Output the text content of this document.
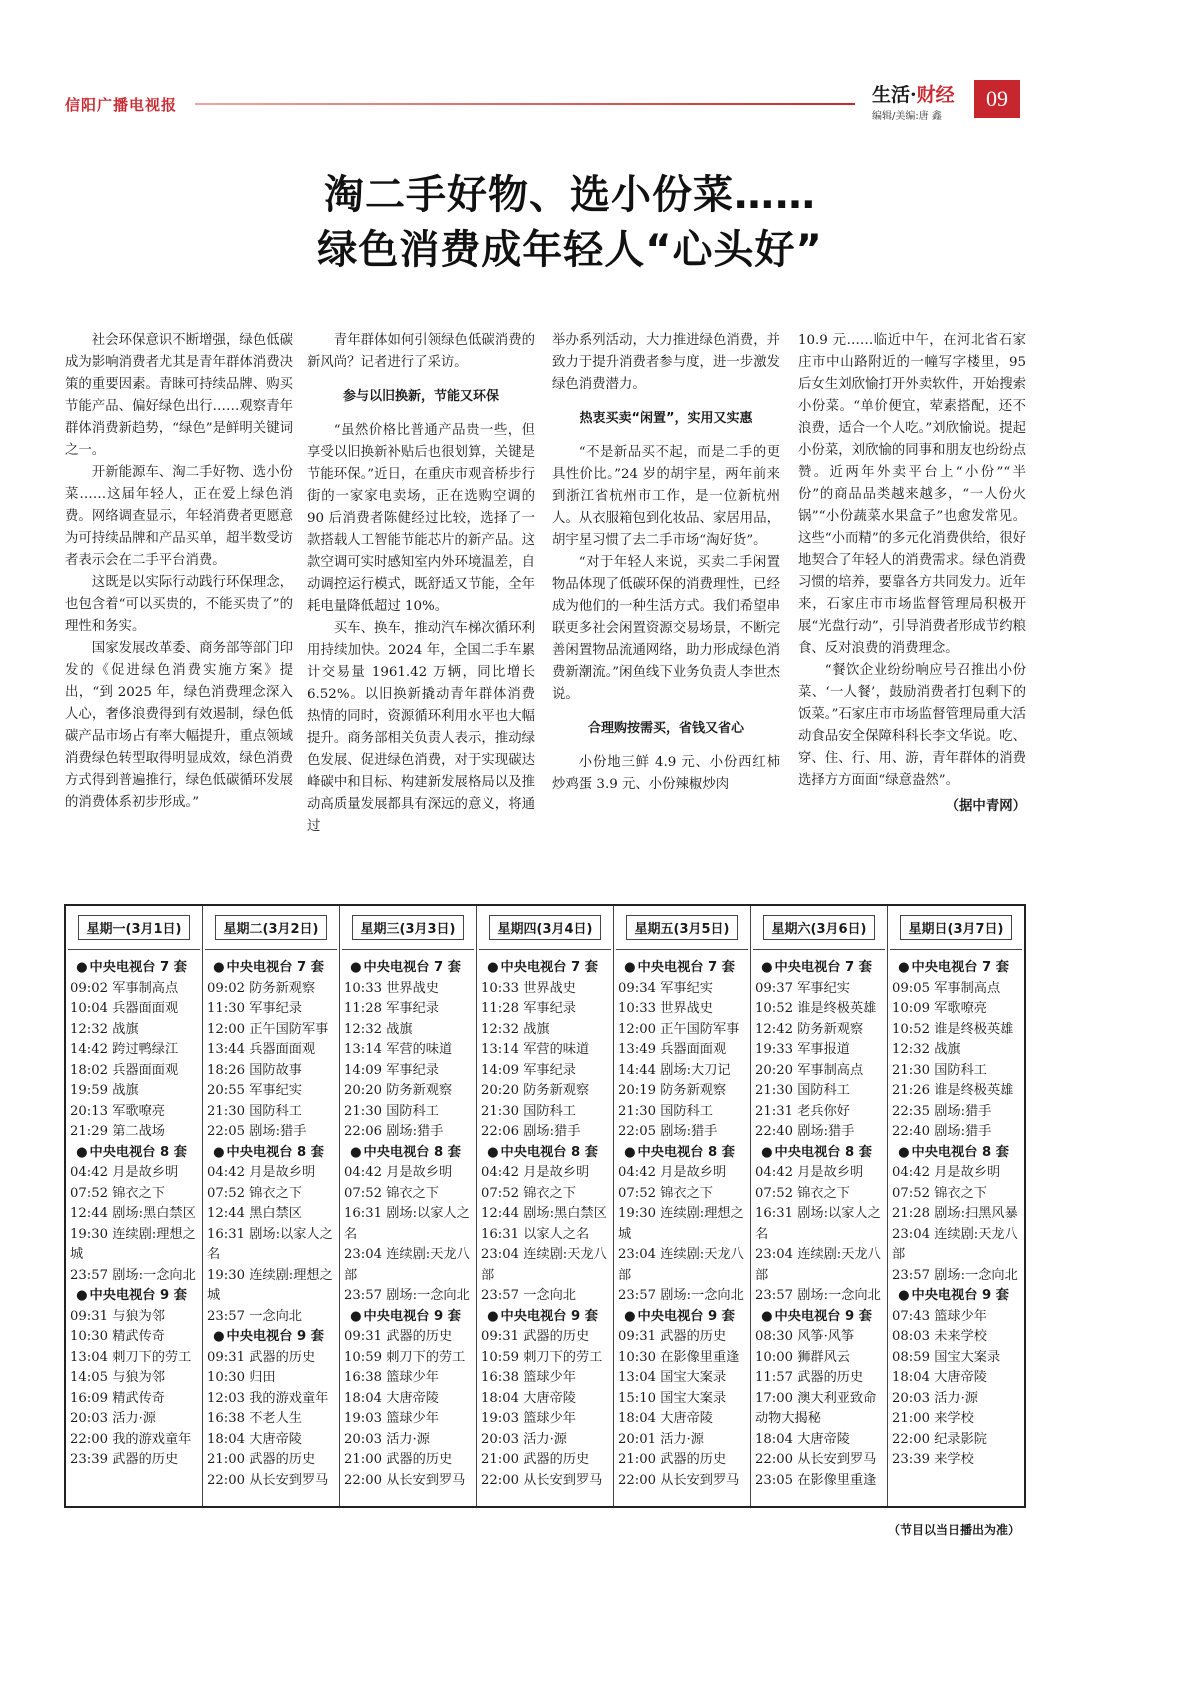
信阳广播电视报	生活·财经
编辑/美编:唐 鑫
09
淘二手好物、选小份菜……
绿色消费成年轻人“心头好”

社会环保意识不断增强，绿色低碳成为影响消费者尤其是青年群体消费决策的重要因素。青睐可持续品牌、购买节能产品、偏好绿色出行……观察青年群体消费新趋势，“绿色”是鲜明关键词之一。

开新能源车、淘二手好物、选小份菜……这届年轻人，正在爱上绿色消费。网络调查显示，年轻消费者更愿意为可持续品牌和产品买单，超半数受访者表示会在二手平台消费。

这既是以实际行动践行环保理念，也包含着“可以买贵的，不能买贵了”的理性和务实。

国家发展改革委、商务部等部门印发的《促进绿色消费实施方案》提出，“到 2025 年，绿色消费理念深入人心，奢侈浪费得到有效遏制，绿色低碳产品市场占有率大幅提升，重点领域消费绿色转型取得明显成效，绿色消费方式得到普遍推行，绿色低碳循环发展的消费体系初步形成。”

青年群体如何引领绿色低碳消费的新风尚？记者进行了采访。

参与以旧换新，节能又环保

“虽然价格比普通产品贵一些，但享受以旧换新补贴后也很划算，关键是节能环保。”近日，在重庆市观音桥步行街的一家家电卖场，正在选购空调的 90 后消费者陈健经过比较，选择了一款搭载人工智能节能芯片的新产品。这款空调可实时感知室内外环境温差，自动调控运行模式，既舒适又节能，全年耗电量降低超过 10%。

买车、换车，推动汽车梯次循环利用持续加快。2024 年，全国二手车累计交易量 1961.42 万辆，同比增长 6.52%。以旧换新撬动青年群体消费热情的同时，资源循环利用水平也大幅提升。商务部相关负责人表示，推动绿色发展、促进绿色消费，对于实现碳达峰碳中和目标、构建新发展格局以及推动高质量发展都具有深远的意义，将通过

举办系列活动，大力推进绿色消费，并致力于提升消费者参与度，进一步激发绿色消费潜力。

热衷买卖“闲置”，实用又实惠

“不是新品买不起，而是二手的更具性价比。”24 岁的胡宇星，两年前来到浙江省杭州市工作，是一位新杭州人。从衣服箱包到化妆品、家居用品，胡宇星习惯了去二手市场“淘好货”。

“对于年轻人来说，买卖二手闲置物品体现了低碳环保的消费理性，已经成为他们的一种生活方式。我们希望串联更多社会闲置资源交易场景，不断完善闲置物品流通网络，助力形成绿色消费新潮流。”闲鱼线下业务负责人李世杰说。

合理购按需买，省钱又省心

小份地三鲜 4.9 元、小份西红柿炒鸡蛋 3.9 元、小份辣椒炒肉

10.9 元……临近中午，在河北省石家庄市中山路附近的一幢写字楼里，95 后女生刘欣愉打开外卖软件，开始搜索小份菜。“单价便宜，荤素搭配，还不浪费，适合一个人吃。”刘欣愉说。提起小份菜，刘欣愉的同事和朋友也纷纷点赞。近两年外卖平台上“小份”“半份”的商品品类越来越多，“一人份火锅”“小份蔬菜水果盒子”也愈发常见。这些“小而精”的多元化消费供给，很好地契合了年轻人的消费需求。绿色消费习惯的培养，要靠各方共同发力。近年来，石家庄市市场监督管理局积极开展“光盘行动”，引导消费者形成节约粮食、反对浪费的消费理念。

“餐饮企业纷纷响应号召推出小份菜、‘一人餐’，鼓励消费者打包剩下的饭菜。”石家庄市市场监督管理局重大活动食品安全保障科科长李文华说。吃、穿、住、行、用、游，青年群体的消费选择方方面面“绿意盎然”。

（据中青网）

星期一(3月1日)
● 中央电视台 7 套
09:02 军事制高点
10:04 兵器面面观
12:32 战旗
14:42 跨过鸭绿江
18:02 兵器面面观
19:59 战旗
20:13 军歌嘹亮
21:29 第二战场
● 中央电视台 8 套
04:42 月是故乡明
07:52 锦衣之下
12:44 剧场:黑白禁区
19:30 连续剧:理想之城
23:57 剧场:一念向北
● 中央电视台 9 套
09:31 与狼为邻
10:30 精武传奇
13:04 刺刀下的劳工
14:05 与狼为邻
16:09 精武传奇
20:03 活力·源
22:00 我的游戏童年
23:39 武器的历史
星期二(3月2日)
● 中央电视台 7 套
09:02 防务新观察
11:30 军事纪录
12:00 正午国防军事
13:44 兵器面面观
18:26 国防故事
20:55 军事纪实
21:30 国防科工
22:05 剧场:猎手
● 中央电视台 8 套
04:42 月是故乡明
07:52 锦衣之下
12:44 黑白禁区
16:31 剧场:以家人之名
19:30 连续剧:理想之城
23:57 一念向北
● 中央电视台 9 套
09:31 武器的历史
10:30 归田
12:03 我的游戏童年
16:38 不老人生
18:04 大唐帝陵
21:00 武器的历史
22:00 从长安到罗马
星期三(3月3日)
● 中央电视台 7 套
10:33 世界战史
11:28 军事纪录
12:32 战旗
13:14 军营的味道
14:09 军事纪录
20:20 防务新观察
21:30 国防科工
22:06 剧场:猎手
● 中央电视台 8 套
04:42 月是故乡明
07:52 锦衣之下
16:31 剧场:以家人之名
23:04 连续剧:天龙八部
23:57 剧场:一念向北
● 中央电视台 9 套
09:31 武器的历史
10:59 刺刀下的劳工
16:38 篮球少年
18:04 大唐帝陵
19:03 篮球少年
20:03 活力·源
21:00 武器的历史
22:00 从长安到罗马
星期四(3月4日)
● 中央电视台 7 套
10:33 世界战史
11:28 军事纪录
12:32 战旗
13:14 军营的味道
14:09 军事纪录
20:20 防务新观察
21:30 国防科工
22:06 剧场:猎手
● 中央电视台 8 套
04:42 月是故乡明
07:52 锦衣之下
12:44 剧场:黑白禁区
16:31 以家人之名
23:04 连续剧:天龙八部
23:57 一念向北
● 中央电视台 9 套
09:31 武器的历史
10:59 刺刀下的劳工
16:38 篮球少年
18:04 大唐帝陵
19:03 篮球少年
20:03 活力·源
21:00 武器的历史
22:00 从长安到罗马
星期五(3月5日)
● 中央电视台 7 套
09:34 军事纪实
10:33 世界战史
12:00 正午国防军事
13:49 兵器面面观
14:44 剧场:大刀记
20:19 防务新观察
21:30 国防科工
22:05 剧场:猎手
● 中央电视台 8 套
04:42 月是故乡明
07:52 锦衣之下
19:30 连续剧:理想之城
23:04 连续剧:天龙八部
23:57 剧场:一念向北
● 中央电视台 9 套
09:31 武器的历史
10:30 在影像里重逢
13:04 国宝大案录
15:10 国宝大案录
18:04 大唐帝陵
20:01 活力·源
21:00 武器的历史
22:00 从长安到罗马
星期六(3月6日)
● 中央电视台 7 套
09:37 军事纪实
10:52 谁是终极英雄
12:42 防务新观察
19:33 军事报道
20:20 军事制高点
21:30 国防科工
21:31 老兵你好
22:40 剧场:猎手
● 中央电视台 8 套
04:42 月是故乡明
07:52 锦衣之下
16:31 剧场:以家人之名
23:04 连续剧:天龙八部
23:57 剧场:一念向北
● 中央电视台 9 套
08:30 风筝·风筝
10:00 狮群风云
11:57 武器的历史
17:00 澳大利亚致命动物大揭秘
18:04 大唐帝陵
22:00 从长安到罗马
23:05 在影像里重逢
星期日(3月7日)
● 中央电视台 7 套
09:05 军事制高点
10:09 军歌嘹亮
10:52 谁是终极英雄
12:32 战旗
21:30 国防科工
21:26 谁是终极英雄
22:35 剧场:猎手
22:40 剧场:猎手
● 中央电视台 8 套
04:42 月是故乡明
07:52 锦衣之下
21:28 剧场:扫黑风暴
23:04 连续剧:天龙八部
23:57 剧场:一念向北
● 中央电视台 9 套
07:43 篮球少年
08:03 未来学校
08:59 国宝大案录
18:04 大唐帝陵
20:03 活力·源
21:00 来学校
22:00 纪录影院
23:39 来学校
（节目以当日播出为准）
